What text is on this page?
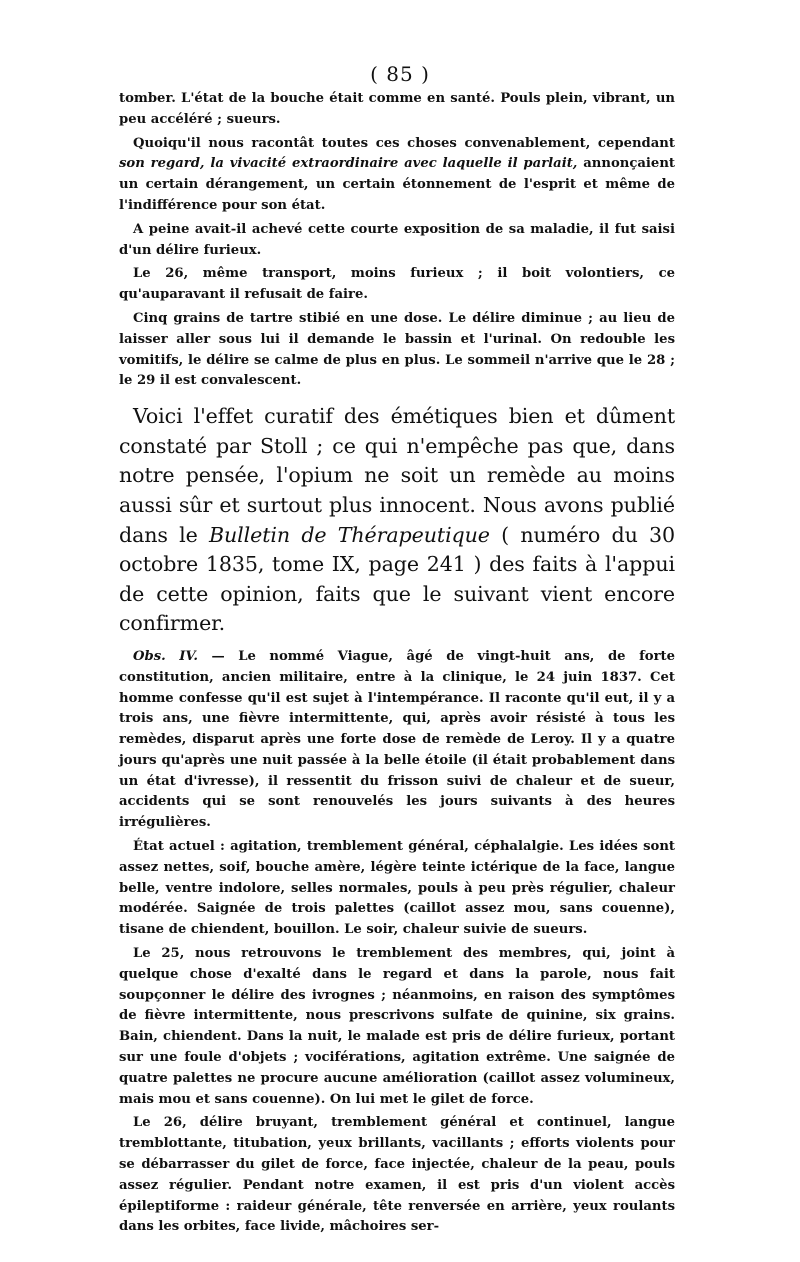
( 85 )

tomber. L'état de la bouche était comme en santé. Pouls plein, vibrant, un peu accéléré ; sueurs.

Quoiqu'il nous racontât toutes ces choses convenablement, cependant son regard, la vivacité extraordinaire avec laquelle il parlait, annonçaient un certain dérangement, un certain étonnement de l'esprit et même de l'indifférence pour son état.

A peine avait-il achevé cette courte exposition de sa maladie, il fut saisi d'un délire furieux.

Le 26, même transport, moins furieux ; il boit volontiers, ce qu'auparavant il refusait de faire.

Cinq grains de tartre stibié en une dose. Le délire diminue ; au lieu de laisser aller sous lui il demande le bassin et l'urinal. On redouble les vomitifs, le délire se calme de plus en plus. Le sommeil n'arrive que le 28 ; le 29 il est convalescent.

Voici l'effet curatif des émétiques bien et dûment constaté par Stoll ; ce qui n'empêche pas que, dans notre pensée, l'opium ne soit un remède au moins aussi sûr et surtout plus innocent. Nous avons publié dans le Bulletin de Thérapeutique ( numéro du 30 octobre 1835, tome IX, page 241 ) des faits à l'appui de cette opinion, faits que le suivant vient encore confirmer.

Obs. IV. — Le nommé Viague, âgé de vingt-huit ans, de forte constitution, ancien militaire, entre à la clinique, le 24 juin 1837. Cet homme confesse qu'il est sujet à l'intempérance. Il raconte qu'il eut, il y a trois ans, une fièvre intermittente, qui, après avoir résisté à tous les remèdes, disparut après une forte dose de remède de Leroy. Il y a quatre jours qu'après une nuit passée à la belle étoile (il était probablement dans un état d'ivresse), il ressentit du frisson suivi de chaleur et de sueur, accidents qui se sont renouvelés les jours suivants à des heures irrégulières.

État actuel : agitation, tremblement général, céphalalgie. Les idées sont assez nettes, soif, bouche amère, légère teinte ictérique de la face, langue belle, ventre indolore, selles normales, pouls à peu près régulier, chaleur modérée. Saignée de trois palettes (caillot assez mou, sans couenne), tisane de chiendent, bouillon. Le soir, chaleur suivie de sueurs.

Le 25, nous retrouvons le tremblement des membres, qui, joint à quelque chose d'exalté dans le regard et dans la parole, nous fait soupçonner le délire des ivrognes ; néanmoins, en raison des symptômes de fièvre intermittente, nous prescrivons sulfate de quinine, six grains. Bain, chiendent. Dans la nuit, le malade est pris de délire furieux, portant sur une foule d'objets ; vociférations, agitation extrême. Une saignée de quatre palettes ne procure aucune amélioration (caillot assez volumineux, mais mou et sans couenne). On lui met le gilet de force.

Le 26, délire bruyant, tremblement général et continuel, langue tremblottante, titubation, yeux brillants, vacillants ; efforts violents pour se débarrasser du gilet de force, face injectée, chaleur de la peau, pouls assez régulier. Pendant notre examen, il est pris d'un violent accès épileptiforme : raideur générale, tête renversée en arrière, yeux roulants dans les orbites, face livide, mâchoires ser-
